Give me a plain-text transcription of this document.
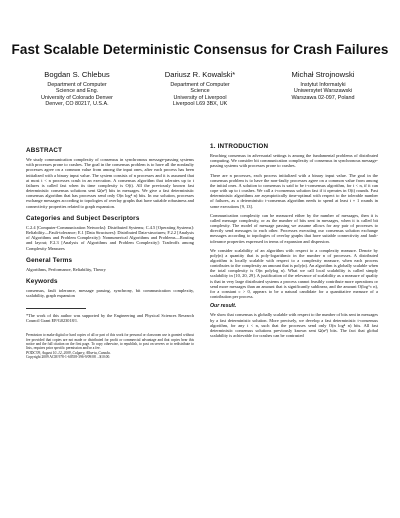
Fast Scalable Deterministic Consensus for Crash Failures
Bogdan S. Chlebus
Department of Computer
Science and Eng.
University of Colorado Denver
Denver, CO 80217, U.S.A.
Dariusz R. Kowalski*
Department of Computer
Science
University of Liverpool
Liverpool L69 3BX, UK
Michał Strojnowski
Instytut Informatyki
Uniwersytet Warszawski
Warszawa 02-097, Poland
ABSTRACT

We study communication complexity of consensus in synchronous message-passing systems with processes prone to crashes. The goal in the consensus problem is to have all the nonfaulty processes agree on a common value from among the input ones, after each process has been initialized with a binary input value. The system consists of n processes and it is assumed that at most t < n processes crash in an execution. A consensus algorithm that tolerates up to t failures is called fast when its time complexity is O(t). All the previously known fast deterministic consensus solutions sent Ω(n²) bits in messages. We give a fast deterministic consensus algorithm that has processes send only O(n log⁴ n) bits. In our solution, processes exchange messages according to topologies of overlay graphs that have suitable robustness and connectivity properties related to graph expansion.

Categories and Subject Descriptors

C.2.4 [Computer-Communication Networks]: Distributed Systems; C.4.5 [Operating Systems]: Reliability—Fault-tolerance; E.1 [Data Structures]: Distributed Data-structures; F.2.2 [Analysis of Algorithms and Problem Complexity]: Nonnumerical Algorithms and Problems—Routing and layout; F.2.3 [Analysis of Algorithms and Problem Complexity]: Tradeoffs among Complexity Measures

General Terms

Algorithms, Performance, Reliability, Theory

Keywords

consensus, fault tolerance, message passing, synchrony, bit communication complexity, scalability, graph expansion

*The work of this author was supported by the Engineering and Physical Sciences Research Council Grant EP/G023018/1.
Permission to make digital or hard copies of all or part of this work for personal or classroom use is granted without fee provided that copies are not made or distributed for profit or commercial advantage and that copies bear this notice and the full citation on the first page. To copy otherwise, to republish, to post on servers or to redistribute to lists, requires prior specific permission and/or a fee.
PODC'09, August 10–12, 2009, Calgary, Alberta, Canada.
Copyright 2009 ACM 978-1-60558-396-9/09/08 ...$10.00.
1. INTRODUCTION

Reaching consensus in adversarial settings is among the fundamental problems of distributed computing. We consider bit communication complexity of consensus in synchronous message-passing systems with processes prone to crashes.

There are n processes, each process initialized with a binary input value. The goal in the consensus problem is to have the non-faulty processes agree on a common value from among the initial ones. A solution to consensus is said to be t-consensus algorithm, for t < n, if it can cope with up to t crashes. We call a t-consensus solution fast if it operates in O(t) rounds. Fast deterministic algorithms are asymptotically time-optimal with respect to the tolerable number of failures, as a deterministic t-consensus algorithm needs to spend at least t + 1 rounds in some executions [9, 13].

Communication complexity can be measured either by the number of messages, then it is called message complexity, or as the number of bits sent in messages, when it is called bit complexity. The model of message passing we assume allows for any pair of processes to directly send messages to each other. Processes executing our consensus solution exchange messages according to topologies of overlay graphs that have suitable connectivity and fault-tolerance properties expressed in terms of expansion and dispersion.

We consider scalability of an algorithm with respect to a complexity measure. Denote by poly(n) a quantity that is poly-logarithmic in the number n of processes. A distributed algorithm is locally scalable with respect to a complexity measure, when each process contributes to the complexity an amount that is poly(n). An algorithm is globally scalable when the total complexity is O(n polylog n). What we call local scalability is called simply scalability in [10, 20, 29]. A justification of the relevance of scalability as a measure of quality is that in very large distributed systems a process cannot feasibly contribute more operations or send more messages than an amount that is significantly sublinear, and the amount O(log^c n), for a constant c > 0, appears to be a natural candidate for a quantitative measure of a contribution per process.

Our result.

We show that consensus is globally scalable with respect to the number of bits sent in messages by a fast deterministic solution. More precisely, we develop a fast deterministic t-consensus algorithm, for any t < n, such that the processes send only O(n log⁴ n) bits. All fast deterministic consensus solutions previously known sent Ω(n²) bits. The fact that global scalability is achievable for crashes can be contrasted
